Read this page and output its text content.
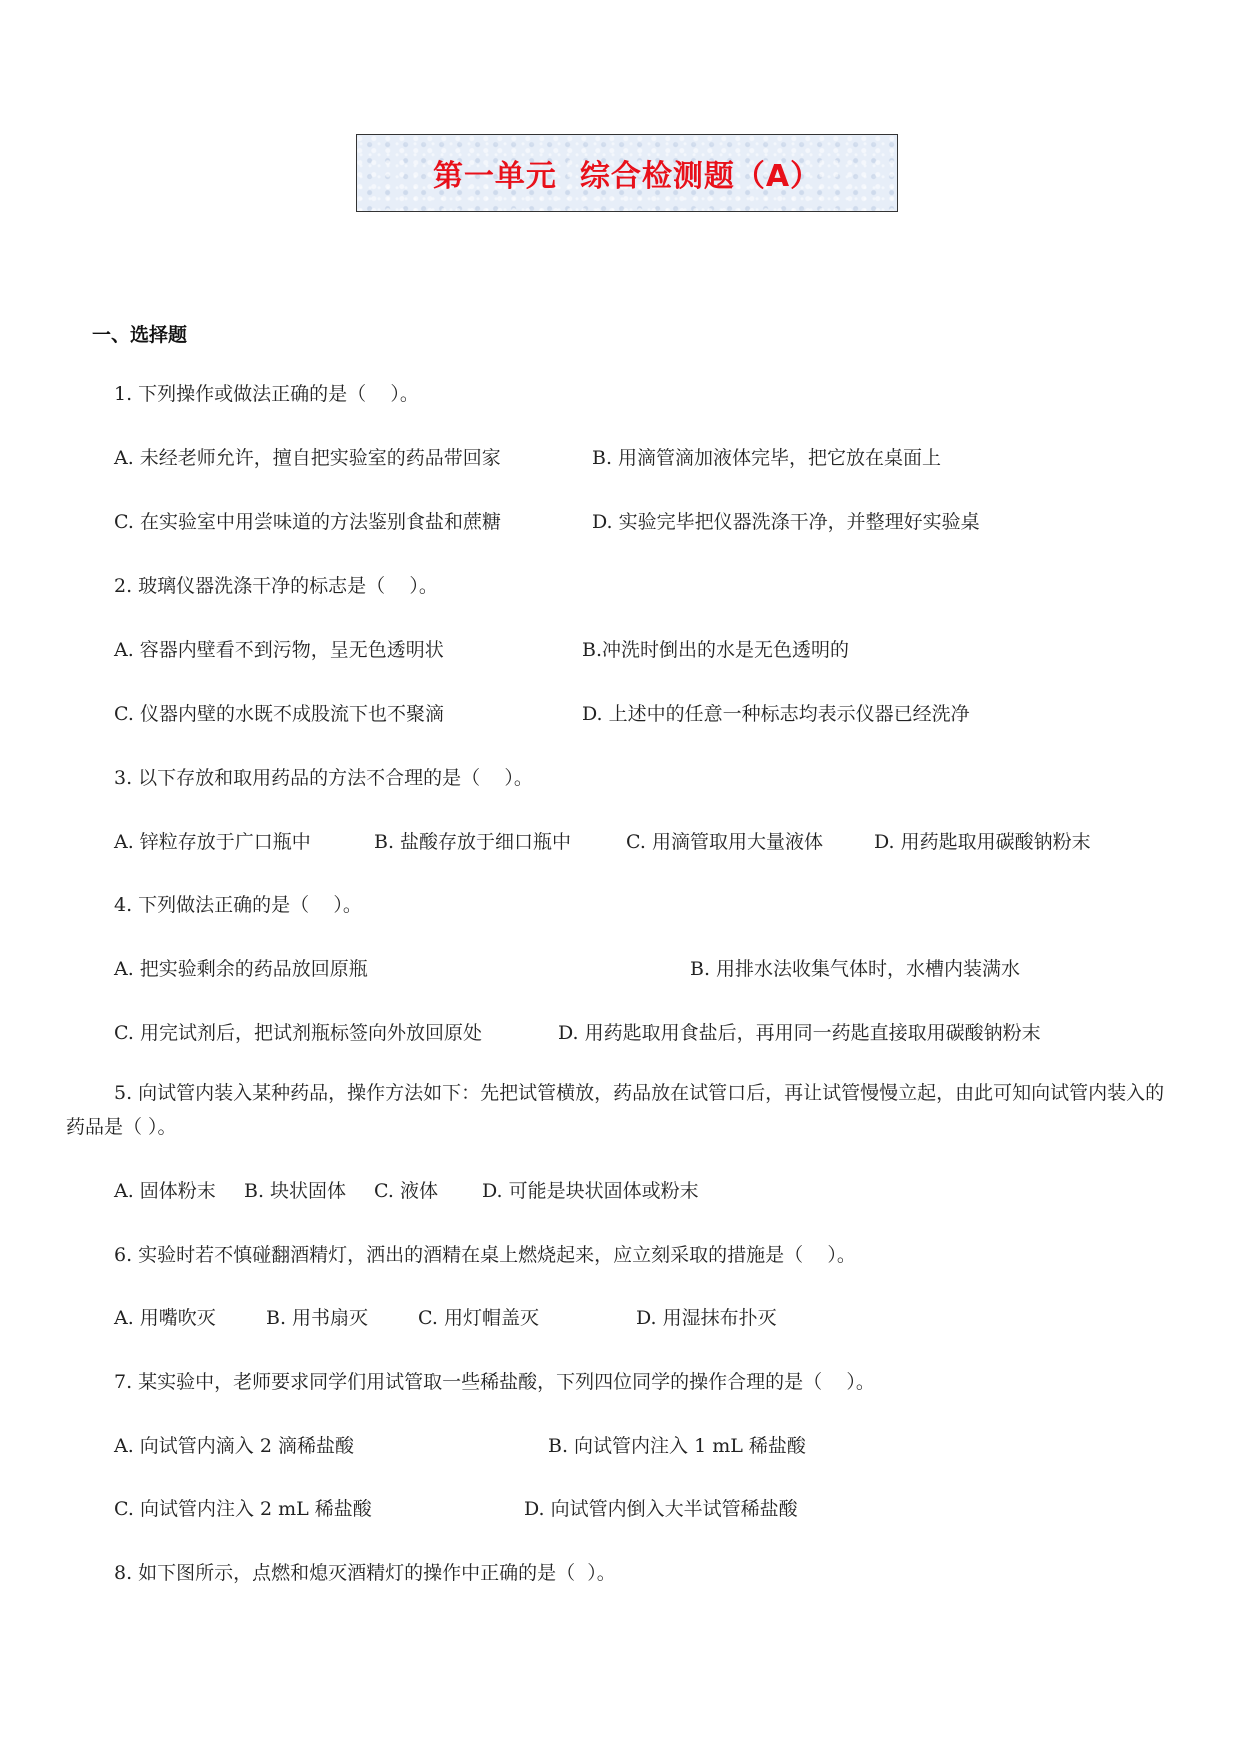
第一单元  综合检测题（A）
一、选择题
1. 下列操作或做法正确的是（    ）。
A. 未经老师允许，擅自把实验室的药品带回家	B. 用滴管滴加液体完毕，把它放在桌面上
C. 在实验室中用尝味道的方法鉴别食盐和蔗糖	D. 实验完毕把仪器洗涤干净，并整理好实验桌
2. 玻璃仪器洗涤干净的标志是（    ）。
A. 容器内壁看不到污物，呈无色透明状	B.冲洗时倒出的水是无色透明的
C. 仪器内壁的水既不成股流下也不聚滴	D. 上述中的任意一种标志均表示仪器已经洗净
3. 以下存放和取用药品的方法不合理的是（    ）。
A. 锌粒存放于广口瓶中	B. 盐酸存放于细口瓶中	C. 用滴管取用大量液体	D. 用药匙取用碳酸钠粉末
4. 下列做法正确的是（    ）。
A. 把实验剩余的药品放回原瓶	B. 用排水法收集气体时，水槽内装满水
C. 用完试剂后，把试剂瓶标签向外放回原处	D. 用药匙取用食盐后，再用同一药匙直接取用碳酸钠粉末
5. 向试管内装入某种药品，操作方法如下：先把试管横放，药品放在试管口后，再让试管慢慢立起，由此可知向试管内装入的药品是（ ）。
A. 固体粉末 B. 块状固体 C. 液体 D. 可能是块状固体或粉末
6. 实验时若不慎碰翻酒精灯，洒出的酒精在桌上燃烧起来，应立刻采取的措施是（    ）。
A. 用嘴吹灭	B. 用书扇灭	C. 用灯帽盖灭	D. 用湿抹布扑灭
7. 某实验中，老师要求同学们用试管取一些稀盐酸，下列四位同学的操作合理的是（    ）。
A. 向试管内滴入 2 滴稀盐酸	B. 向试管内注入 1 mL 稀盐酸
C. 向试管内注入 2 mL 稀盐酸	D. 向试管内倒入大半试管稀盐酸
8. 如下图所示，点燃和熄灭酒精灯的操作中正确的是（  ）。
